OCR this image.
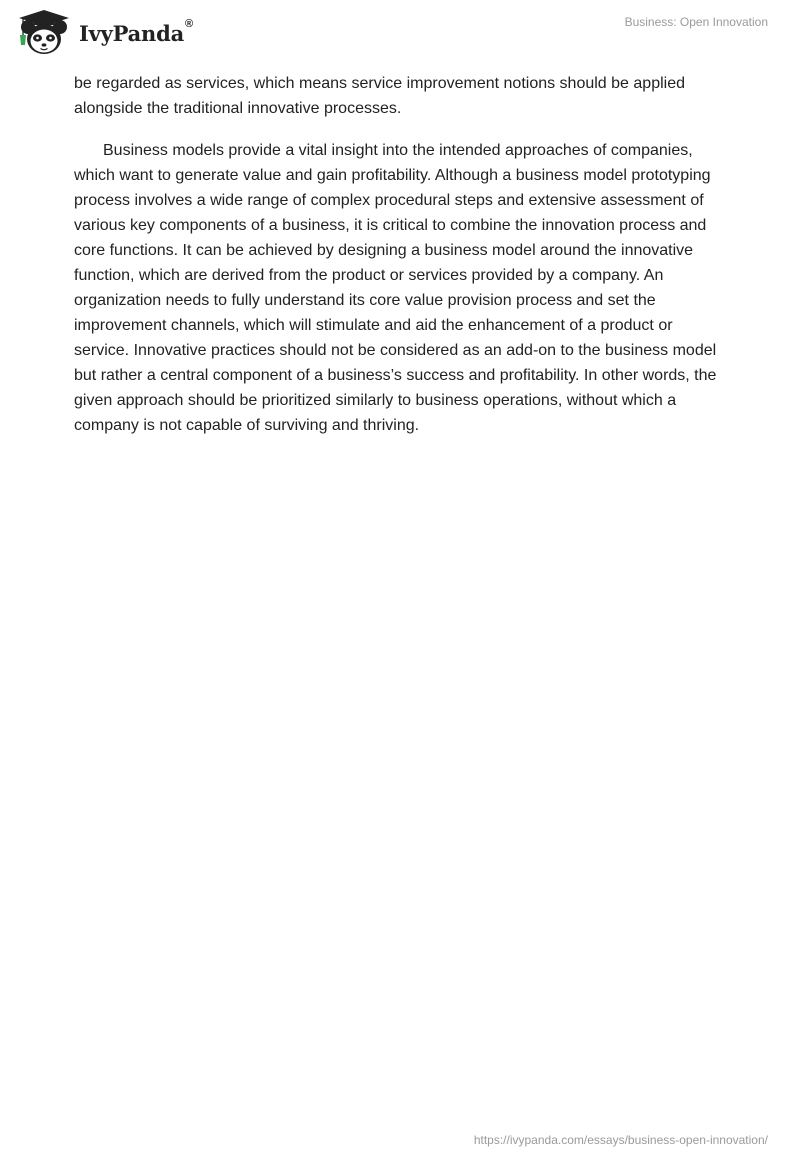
IvyPanda®	Business: Open Innovation

be regarded as services, which means service improvement notions should be applied alongside the traditional innovative processes.

Business models provide a vital insight into the intended approaches of companies, which want to generate value and gain profitability. Although a business model prototyping process involves a wide range of complex procedural steps and extensive assessment of various key components of a business, it is critical to combine the innovation process and core functions. It can be achieved by designing a business model around the innovative function, which are derived from the product or services provided by a company. An organization needs to fully understand its core value provision process and set the improvement channels, which will stimulate and aid the enhancement of a product or service. Innovative practices should not be considered as an add-on to the business model but rather a central component of a business’s success and profitability. In other words, the given approach should be prioritized similarly to business operations, without which a company is not capable of surviving and thriving.

https://ivypanda.com/essays/business-open-innovation/
